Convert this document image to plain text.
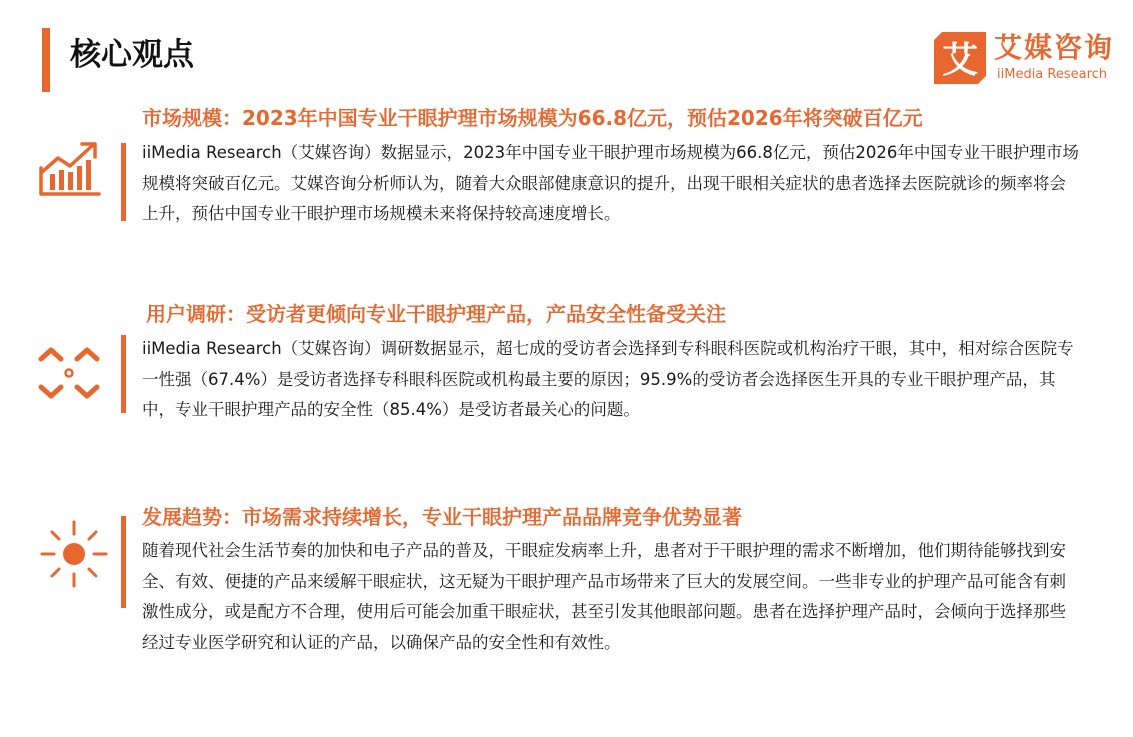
核心观点	艾 艾媒咨询
iiMedia Research
市场规模：2023年中国专业干眼护理市场规模为66.8亿元，预估2026年将突破百亿元

iiMedia Research（艾媒咨询）数据显示，2023年中国专业干眼护理市场规模为66.8亿元，预估2026年中国专业干眼护理市场规模将突破百亿元。艾媒咨询分析师认为，随着大众眼部健康意识的提升，出现干眼相关症状的患者选择去医院就诊的频率将会上升，预估中国专业干眼护理市场规模未来将保持较高速度增长。

用户调研：受访者更倾向专业干眼护理产品，产品安全性备受关注

iiMedia Research（艾媒咨询）调研数据显示，超七成的受访者会选择到专科眼科医院或机构治疗干眼，其中，相对综合医院专一性强（67.4%）是受访者选择专科眼科医院或机构最主要的原因；95.9%的受访者会选择医生开具的专业干眼护理产品，其中，专业干眼护理产品的安全性（85.4%）是受访者最关心的问题。

发展趋势：市场需求持续增长，专业干眼护理产品品牌竞争优势显著

随着现代社会生活节奏的加快和电子产品的普及，干眼症发病率上升，患者对于干眼护理的需求不断增加，他们期待能够找到安全、有效、便捷的产品来缓解干眼症状，这无疑为干眼护理产品市场带来了巨大的发展空间。一些非专业的护理产品可能含有刺激性成分，或是配方不合理，使用后可能会加重干眼症状，甚至引发其他眼部问题。患者在选择护理产品时，会倾向于选择那些经过专业医学研究和认证的产品，以确保产品的安全性和有效性。
